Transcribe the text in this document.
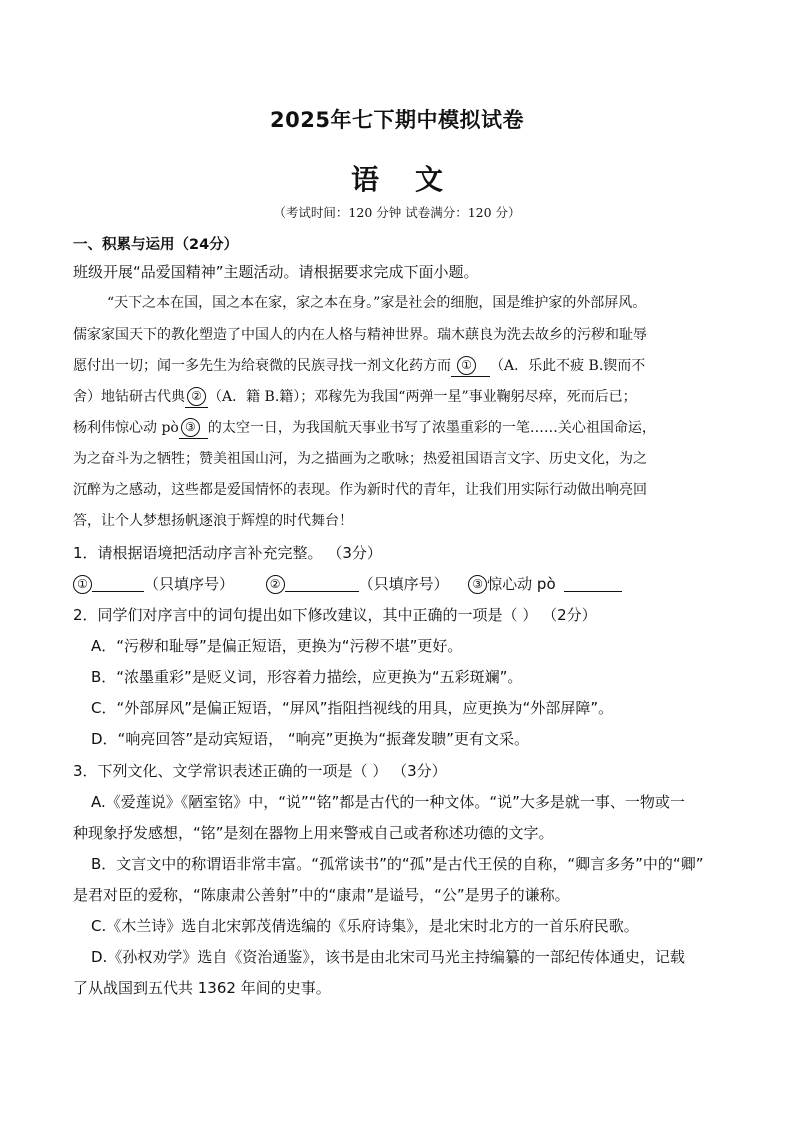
2025年七下期中模拟试卷
语文
（考试时间：120 分钟 试卷满分：120 分）
一、积累与运用（24分）
班级开展“品爱国精神”主题活动。请根据要求完成下面小题。
“天下之本在国，国之本在家，家之本在身。”家是社会的细胞，国是维护家的外部屏风。
儒家家国天下的教化塑造了中国人的内在人格与精神世界。瑞木蕻良为洗去故乡的污秽和耻辱
愿付出一切；闻一多先生为给衰微的民族寻找一剂文化药方而 ① （A．乐此不疲 B.锲而不
舍）地钻研古代典 ② （A．籍 B.籍）；邓稼先为我国“两弹一星”事业鞠躬尽瘁，死而后已；
杨利伟惊心动 pò ③ 的太空一日，为我国航天事业书写了浓墨重彩的一笔……关心祖国命运，
为之奋斗为之牺牲；赞美祖国山河，为之描画为之歌咏；热爱祖国语言文字、历史文化，为之
沉醉为之感动，这些都是爱国情怀的表现。作为新时代的青年，让我们用实际行动做出响亮回
答，让个人梦想扬帆逐浪于辉煌的时代舞台！
1．请根据语境把活动序言补充完整。 （3分）
①	（只填序号）	②	（只填序号） ③ 惊心动 pò
2．同学们对序言中的词句提出如下修改建议，其中正确的一项是（ ） （2分）
A．“污秽和耻辱”是偏正短语，更换为“污秽不堪”更好。
B．“浓墨重彩”是贬义词，形容着力描绘，应更换为“五彩斑斓”。
C．“外部屏风”是偏正短语，“屏风”指阻挡视线的用具，应更换为“外部屏障”。
D．“响亮回答”是动宾短语， “响亮”更换为“振聋发聩”更有文采。
3．下列文化、文学常识表述正确的一项是（ ） （3分）
A.《爱莲说》《陋室铭》中，“说”“铭”都是古代的一种文体。“说”大多是就一事、一物或一
种现象抒发感想，“铭”是刻在器物上用来警戒自己或者称述功德的文字。
B．文言文中的称谓语非常丰富。“孤常读书”的“孤”是古代王侯的自称，“卿言多务”中的“卿”
是君对臣的爱称，“陈康肃公善射”中的“康肃”是谥号，“公”是男子的谦称。
C.《木兰诗》选自北宋郭茂倩选编的《乐府诗集》，是北宋时北方的一首乐府民歌。
D.《孙权劝学》选自《资治通鉴》，该书是由北宋司马光主持编纂的一部纪传体通史，记载
了从战国到五代共 1362 年间的史事。
